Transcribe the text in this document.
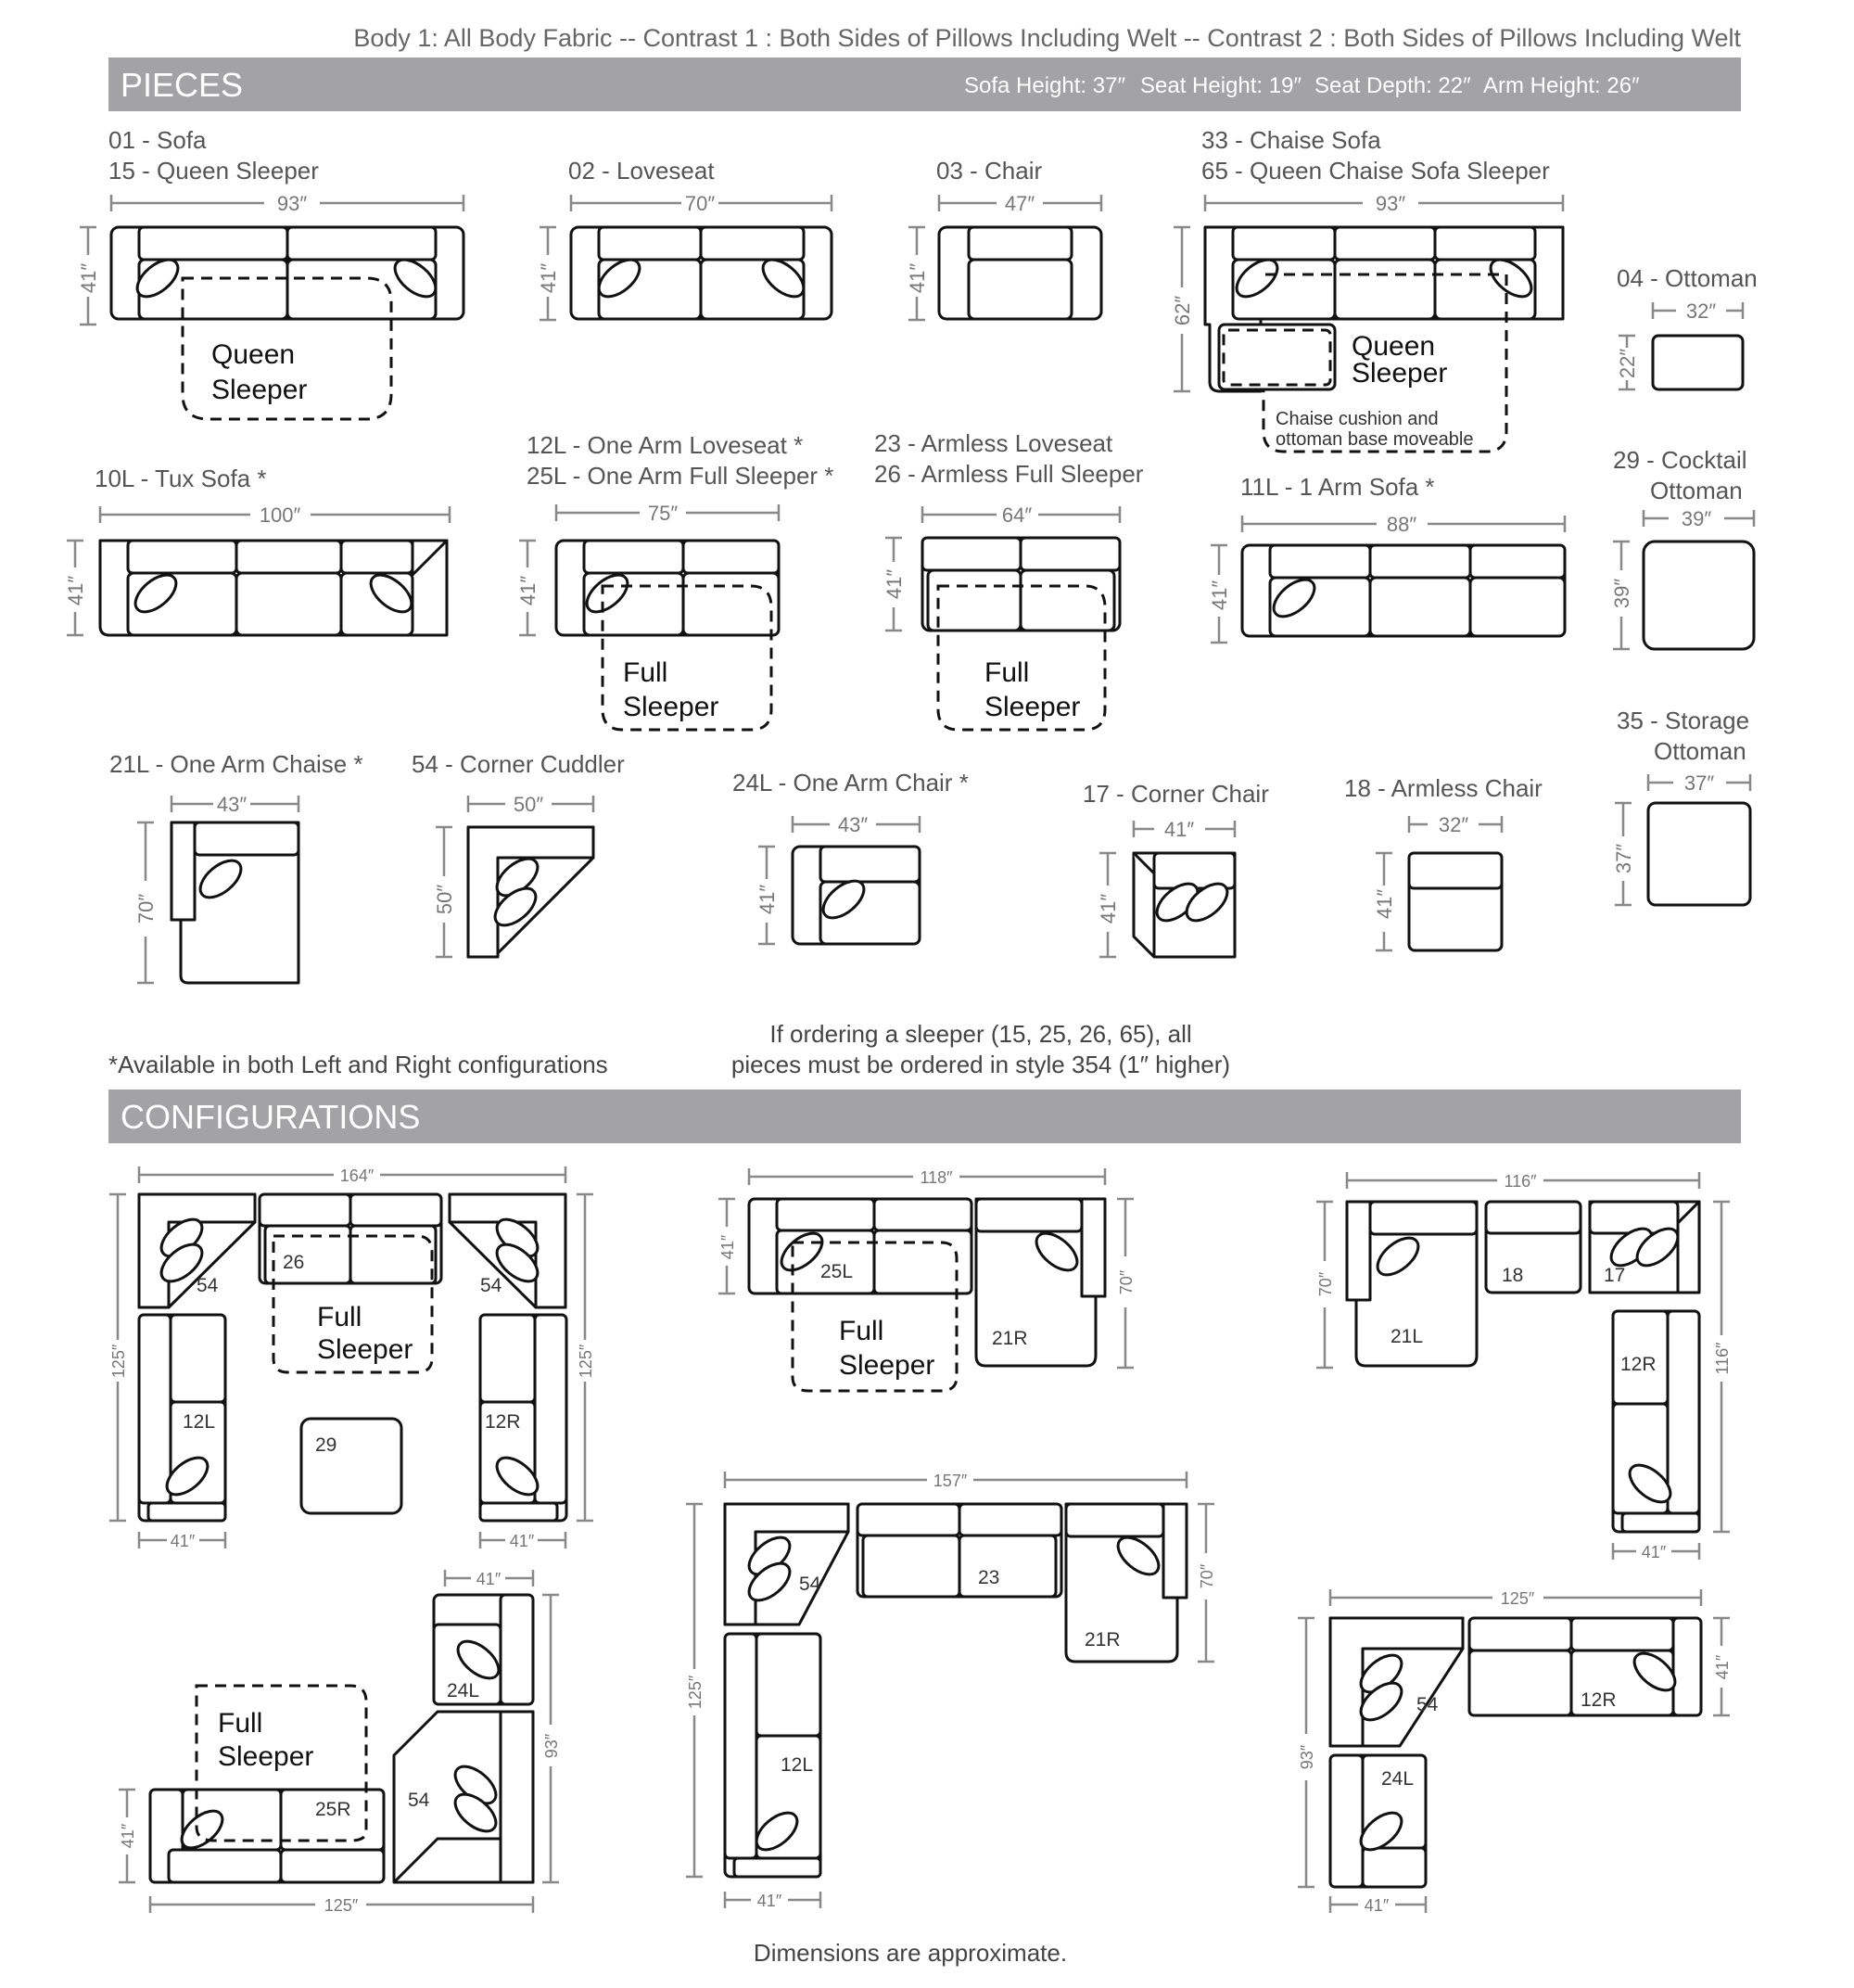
Body 1: All Body Fabric -- Contrast 1 : Both Sides of Pillows Including Welt -- Contrast 2 : Both Sides of Pillows Including Welt
PIECES	Sofa Height: 37″ Seat Height: 19″ Seat Depth: 22″ Arm Height: 26″
01 - Sofa
15 - Queen Sleeper
93″
41″
Queen
Sleeper
02 - Loveseat
70″
41″
03 - Chair
47″
41″
33 - Chaise Sofa
65 - Queen Chaise Sofa Sleeper
93″
62″
Queen
Sleeper
Chaise cushion and
ottoman base moveable
04 - Ottoman
32″
22″
10L - Tux Sofa *
100″
41″
12L - One Arm Loveseat *
25L - One Arm Full Sleeper *
75″
41″
Full
Sleeper
23 - Armless Loveseat
26 - Armless Full Sleeper
64″
41″
Full
Sleeper
11L - 1 Arm Sofa *
88″
41″
29 - Cocktail
Ottoman
39″
39″
21L - One Arm Chaise *
43″
70″
54 - Corner Cuddler
50″
50″
24L - One Arm Chair *
43″
41″
17 - Corner Chair
41″
41″
18 - Armless Chair
32″
41″
35 - Storage
Ottoman
37″
37″
*Available in both Left and Right configurations
If ordering a sleeper (15, 25, 26, 65), all
pieces must be ordered in style 354 (1″ higher)
CONFIGURATIONS
164″
125″	125″
41″	41″
54
26
Full
Sleeper
54
12L
29
12R
118″
41″
70″
25L
Full
Sleeper
21R
116″
70″
116″
41″
21L
18	17
12R
41″
93″
41″
125″
24L
54
25R
Full
Sleeper
157″
125″
70″
41″
54	23
21R
12L
125″
93″
41″
41″
54	12R
24L
Dimensions are approximate.
